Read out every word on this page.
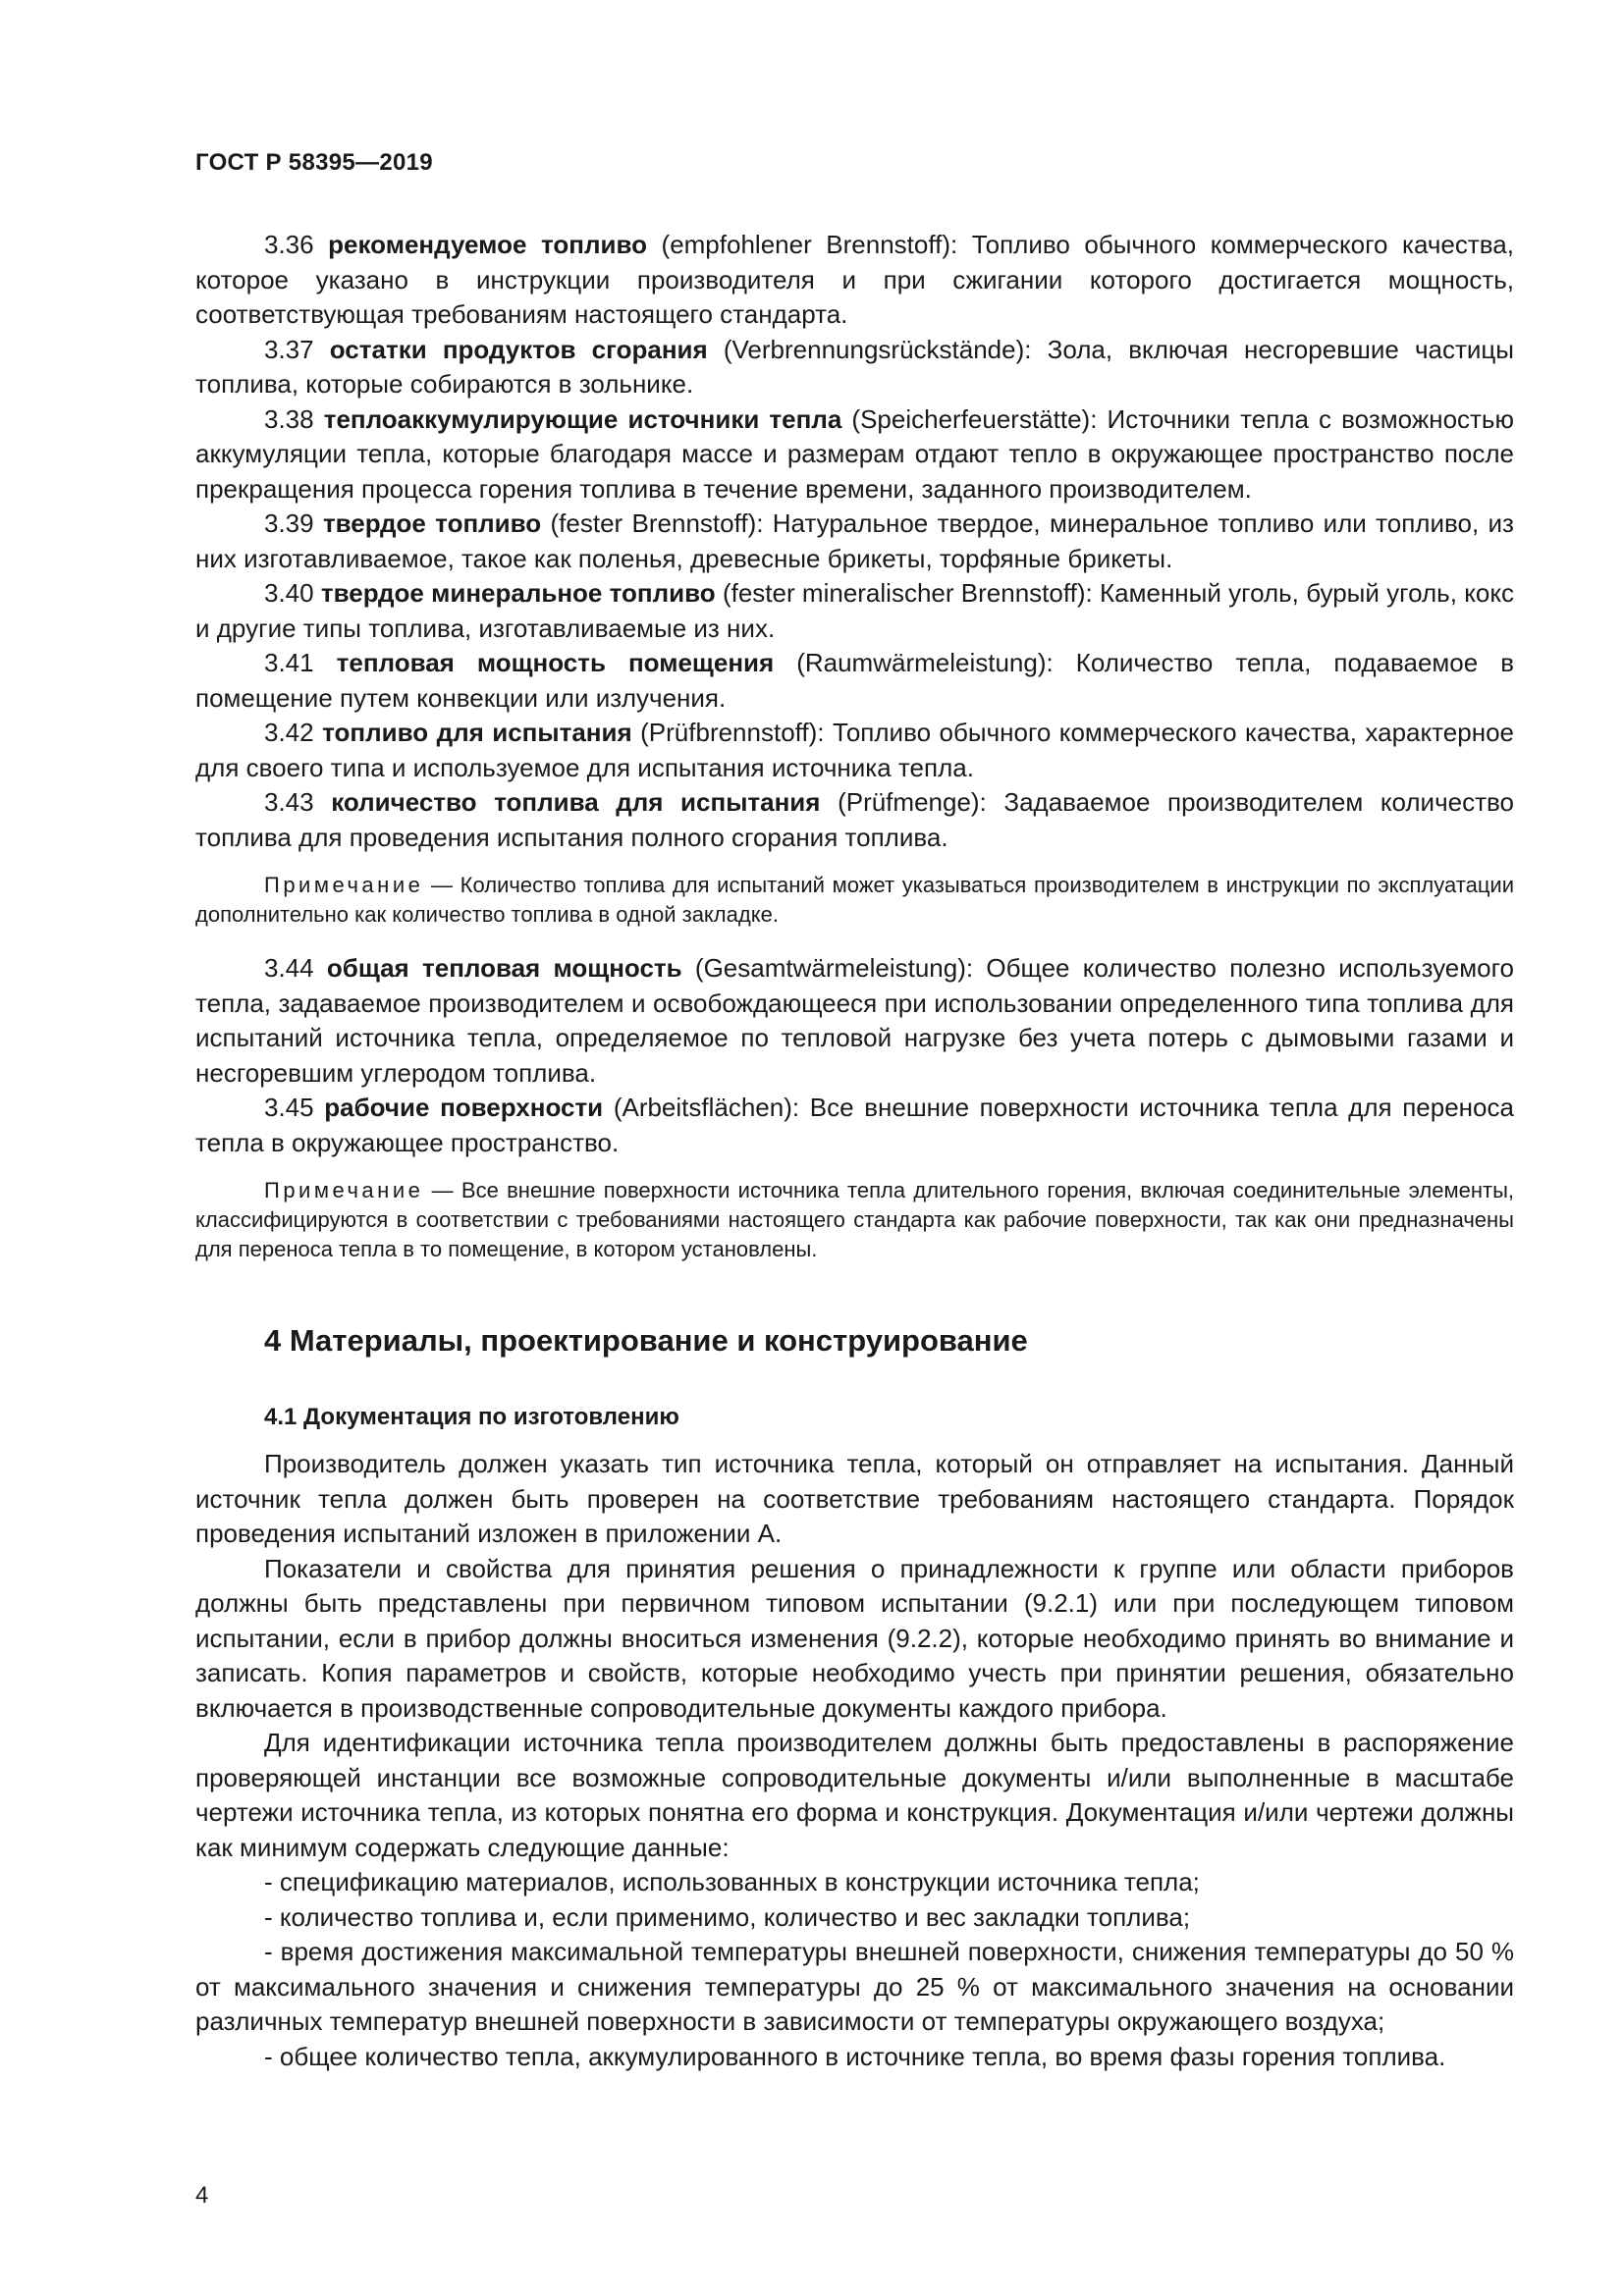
ГОСТ Р 58395—2019

3.36 рекомендуемое топливо (empfohlener Brennstoff): Топливо обычного коммерческого качества, которое указано в инструкции производителя и при сжигании которого достигается мощность, соответствующая требованиям настоящего стандарта.

3.37 остатки продуктов сгорания (Verbrennungsrückstände): Зола, включая несгоревшие частицы топлива, которые собираются в зольнике.

3.38 теплоаккумулирующие источники тепла (Speicherfeuerstätte): Источники тепла с возможностью аккумуляции тепла, которые благодаря массе и размерам отдают тепло в окружающее пространство после прекращения процесса горения топлива в течение времени, заданного производителем.

3.39 твердое топливо (fester Brennstoff): Натуральное твердое, минеральное топливо или топливо, из них изготавливаемое, такое как поленья, древесные брикеты, торфяные брикеты.

3.40 твердое минеральное топливо (fester mineralischer Brennstoff): Каменный уголь, бурый уголь, кокс и другие типы топлива, изготавливаемые из них.

3.41 тепловая мощность помещения (Raumwärmeleistung): Количество тепла, подаваемое в помещение путем конвекции или излучения.

3.42 топливо для испытания (Prüfbrennstoff): Топливо обычного коммерческого качества, характерное для своего типа и используемое для испытания источника тепла.

3.43 количество топлива для испытания (Prüfmenge): Задаваемое производителем количество топлива для проведения испытания полного сгорания топлива.

Примечание — Количество топлива для испытаний может указываться производителем в инструкции по эксплуатации дополнительно как количество топлива в одной закладке.

3.44 общая тепловая мощность (Gesamtwärmeleistung): Общее количество полезно используемого тепла, задаваемое производителем и освобождающееся при использовании определенного типа топлива для испытаний источника тепла, определяемое по тепловой нагрузке без учета потерь с дымовыми газами и несгоревшим углеродом топлива.

3.45 рабочие поверхности (Arbeitsflächen): Все внешние поверхности источника тепла для переноса тепла в окружающее пространство.

Примечание — Все внешние поверхности источника тепла длительного горения, включая соединительные элементы, классифицируются в соответствии с требованиями настоящего стандарта как рабочие поверхности, так как они предназначены для переноса тепла в то помещение, в котором установлены.

4 Материалы, проектирование и конструирование
4.1 Документация по изготовлению

Производитель должен указать тип источника тепла, который он отправляет на испытания. Данный источник тепла должен быть проверен на соответствие требованиям настоящего стандарта. Порядок проведения испытаний изложен в приложении А.

Показатели и свойства для принятия решения о принадлежности к группе или области приборов должны быть представлены при первичном типовом испытании (9.2.1) или при последующем типовом испытании, если в прибор должны вноситься изменения (9.2.2), которые необходимо принять во внимание и записать. Копия параметров и свойств, которые необходимо учесть при принятии решения, обязательно включается в производственные сопроводительные документы каждого прибора.

Для идентификации источника тепла производителем должны быть предоставлены в распоряжение проверяющей инстанции все возможные сопроводительные документы и/или выполненные в масштабе чертежи источника тепла, из которых понятна его форма и конструкция. Документация и/или чертежи должны как минимум содержать следующие данные:

- спецификацию материалов, использованных в конструкции источника тепла;

- количество топлива и, если применимо, количество и вес закладки топлива;

- время достижения максимальной температуры внешней поверхности, снижения температуры до 50 % от максимального значения и снижения температуры до 25 % от максимального значения на основании различных температур внешней поверхности в зависимости от температуры окружающего воздуха;

- общее количество тепла, аккумулированного в источнике тепла, во время фазы горения топлива.

4
